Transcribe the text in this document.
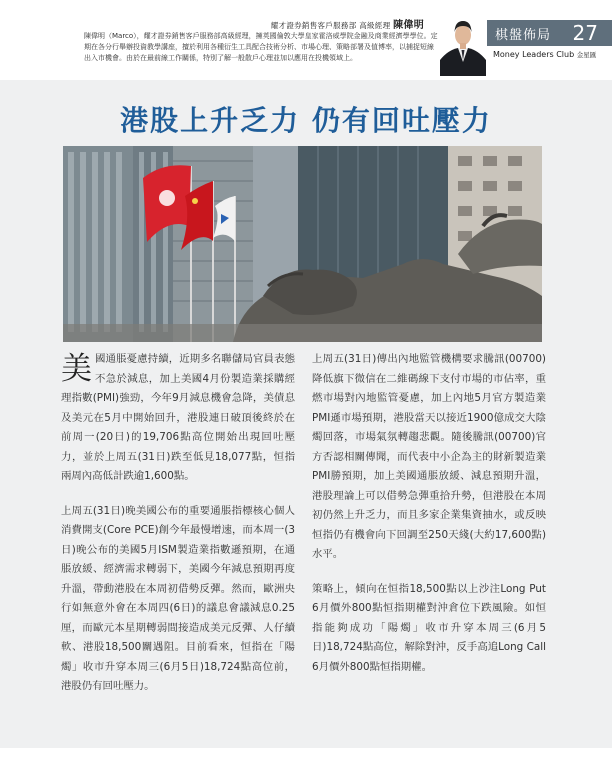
耀才證券銷售客戶服務部 高級經理 陳偉明
陳偉明（Marco），耀才證券銷售客戶服務部高級經理，擁英國倫敦大學皇家霍洛威學院金融及商業經濟學學位。定期在各分行舉辦投資教學講座，擅於利用各種衍生工具配合技術分析、市場心理、策略部署及值博率，以捕捉短線出入市機會。由於在最前線工作關係，特別了解一般散戶心理並加以應用在投機領域上。
棋盤佈局 27
Money Leaders Club 金星匯
港股上升乏力 仍有回吐壓力

美國通脹憂慮持續，近期多名聯儲局官員表態不急於減息，加上美國4月份製造業採購經理指數(PMI)強勁，今年9月減息機會急降，美債息及美元在5月中開始回升，港股連日破頂後終於在前周一(20日)的19,706點高位開始出現回吐壓力，並於上周五(31日)跌至低見18,077點，恒指兩周內高低計跌逾1,600點。

上周五(31日)晚美國公布的重要通脹指標核心個人消費開支(Core PCE)創今年最慢增速，而本周一(3日)晚公布的美國5月ISM製造業指數遜預期，在通脹放緩、經濟需求轉弱下，美國今年減息預期再度升溫，帶動港股在本周初借勢反彈。然而，歐洲央行如無意外會在本周四(6日)的議息會議減息0.25厘，而歐元本星期轉弱間接造成美元反彈、人仔續軟、港股18,500關遇阻。目前看來，恒指在「陽燭」收市升穿本周三(6月5日)18,724點高位前，港股仍有回吐壓力。

上周五(31日)傳出內地監管機構要求騰訊(00700)降低旗下微信在二維碼線下支付市場的市佔率，重燃市場對內地監管憂慮，加上內地5月官方製造業PMI遜市場預期，港股當天以接近1900億成交大陰燭回落，市場氣氛轉趨悲觀。隨後騰訊(00700)官方否認相關傳聞，而代表中小企為主的財新製造業PMI勝預期，加上美國通脹放緩、減息預期升溫，港股理論上可以借勢急彈重拾升勢，但港股在本周初仍然上升乏力，而且多家企業集資抽水，或反映恒指仍有機會向下回調至250天綫(大約17,600點)水平。

策略上，傾向在恒指18,500點以上沙注Long Put 6月價外800點恒指期權對沖倉位下跌風險。如恒指能夠成功「陽燭」收市升穿本周三(6月5日)18,724點高位，解除對沖，反手高追Long Call 6月價外800點恒指期權。
